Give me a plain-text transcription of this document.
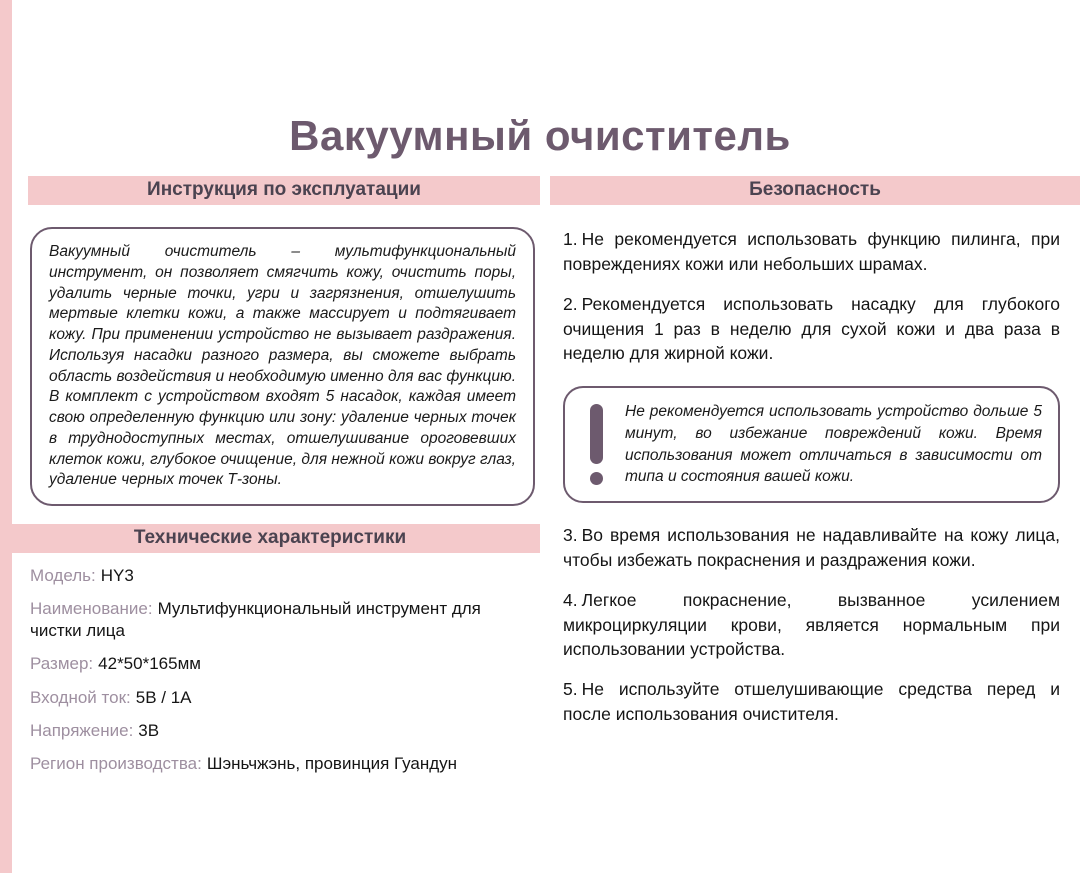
Вакуумный очиститель
Инструкция по эксплуатации	Безопасность
Вакуумный очиститель – мультифункциональный инструмент, он позволяет смягчить кожу, очистить поры, удалить черные точки, угри и загрязнения, отшелушить мертвые клетки кожи, а также массирует и подтягивает кожу. При применении устройство не вызывает раздражения. Используя насадки разного размера, вы сможете выбрать область воздействия и необходимую именно для вас функцию. В комплект с устройством входят 5 насадок, каждая имеет свою определенную функцию или зону: удаление черных точек в труднодоступных местах, отшелушивание ороговевших клеток кожи, глубокое очищение, для нежной кожи вокруг глаз, удаление черных точек Т-зоны.
Технические характеристики

Модель: HY3

Наименование: Мультифункциональный инструмент для чистки лица

Размер: 42*50*165мм

Входной ток: 5В / 1А

Напряжение: 3В

Регион производства: Шэньчжэнь, провинция Гуандун

1. Не рекомендуется использовать функцию пилинга, при повреждениях кожи или небольших шрамах.

2. Рекомендуется использовать насадку для глубокого очищения 1 раз в неделю для сухой кожи и два раза в неделю для жирной кожи.

Не рекомендуется использовать устройство дольше 5 минут, во избежание повреждений кожи. Время использования может отличаться в зависимости от типа и состояния вашей кожи.

3. Во время использования не надавливайте на кожу лица, чтобы избежать покраснения и раздражения кожи.

4. Легкое покраснение, вызванное усилением микроциркуляции крови, является нормальным при использовании устройства.

5. Не используйте отшелушивающие средства перед и после использования очистителя.
